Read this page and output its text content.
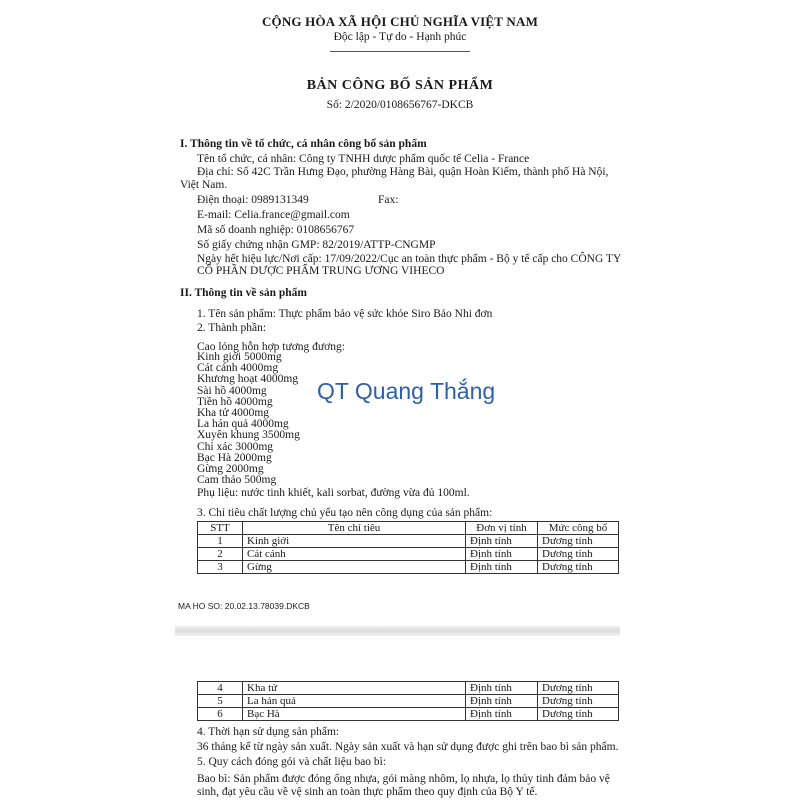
CỘNG HÒA XÃ HỘI CHỦ NGHĨA VIỆT NAM
Độc lập - Tự do - Hạnh phúc
BẢN CÔNG BỐ SẢN PHẨM
Số: 2/2020/0108656767-DKCB
I. Thông tin về tổ chức, cá nhân công bố sản phẩm
Tên tổ chức, cá nhân: Công ty TNHH dược phẩm quốc tế Celia - France
Địa chỉ: Số 42C Trần Hưng Đạo, phường Hàng Bài, quận Hoàn Kiếm, thành phố Hà Nội,
Việt Nam.
Điện thoại: 0989131349	Fax:
E-mail: Celia.france@gmail.com
Mã số doanh nghiệp: 0108656767
Số giấy chứng nhận GMP: 82/2019/ATTP-CNGMP
Ngày hết hiệu lực/Nơi cấp: 17/09/2022/Cục an toàn thực phẩm - Bộ y tế cấp cho CÔNG TY
CỔ PHẦN DƯỢC PHẨM TRUNG ƯƠNG VIHECO
II. Thông tin về sản phẩm
1. Tên sản phẩm: Thực phẩm bảo vệ sức khỏe Siro Bảo Nhi đơn
2. Thành phần:
Cao lỏng hỗn hợp tương đương:
Kinh giới 5000mg
Cát cánh 4000mg
Khương hoạt 4000mg
Sài hồ 4000mg
Tiền hồ 4000mg
Kha tử 4000mg
La hán quả 4000mg
Xuyên khung 3500mg
Chỉ xác 3000mg
Bạc Hà 2000mg
Gừng 2000mg
Cam thảo 500mg
Phụ liệu: nước tinh khiết, kali sorbat, đường vừa đủ 100ml.
QT Quang Thắng
3. Chỉ tiêu chất lượng chủ yếu tạo nên công dụng của sản phẩm:
STT	Tên chỉ tiêu	Đơn vị tính	Mức công bố
1	Kinh giới	Định tính	Dương tính
2	Cát cánh	Định tính	Dương tính
3	Gừng	Định tính	Dương tính
MA HO SO: 20.02.13.78039.DKCB
4	Kha tử	Định tính	Dương tính
5	La hán quả	Định tính	Dương tính
6	Bạc Hà	Định tính	Dương tính
4. Thời hạn sử dụng sản phẩm:
36 tháng kể từ ngày sản xuất. Ngày sản xuất và hạn sử dụng được ghi trên bao bì sản phẩm.
5. Quy cách đóng gói và chất liệu bao bì:
Bao bì: Sản phẩm được đóng ống nhựa, gói màng nhôm, lọ nhựa, lọ thủy tinh đảm bảo vệ
sinh, đạt yêu cầu về vệ sinh an toàn thực phẩm theo quy định của Bộ Y tế.
